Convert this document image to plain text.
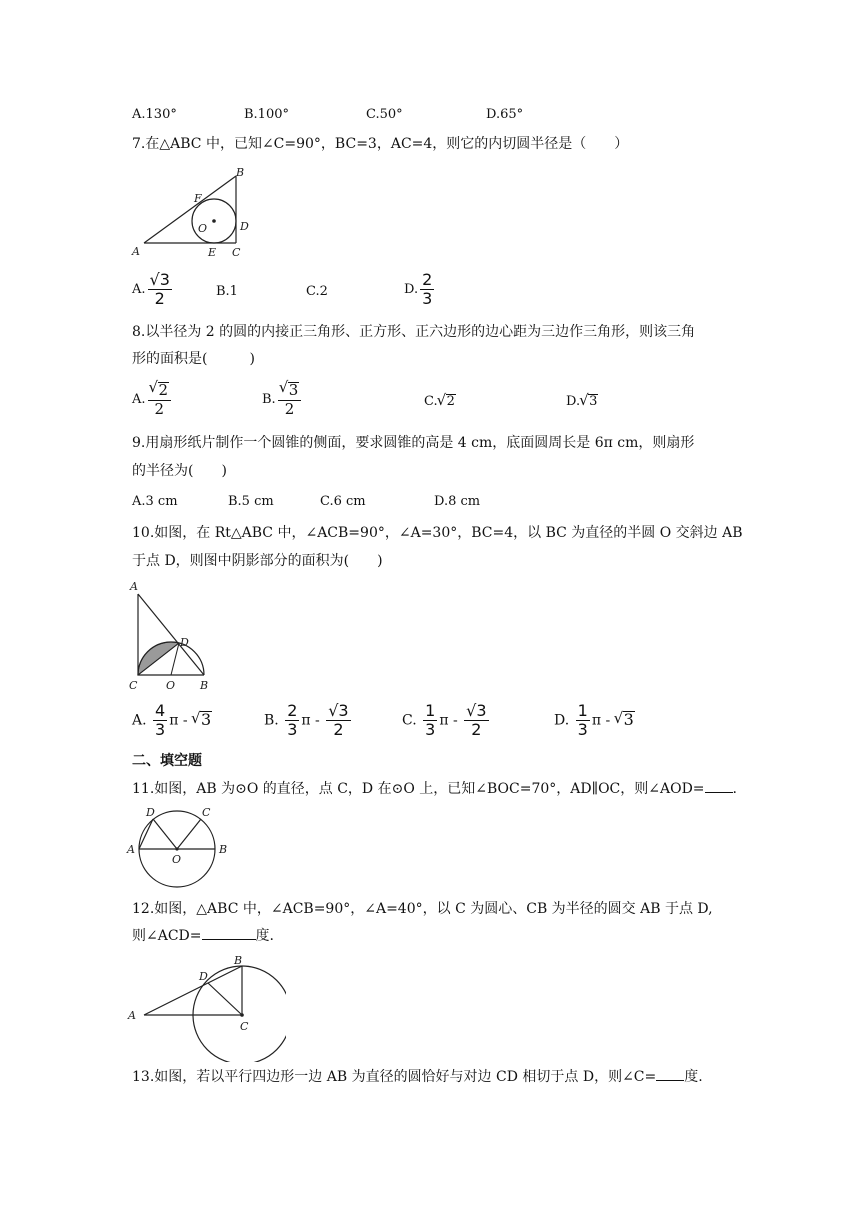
A.130°	B.100°	C.50°	D.65°
7.在△ABC 中，已知∠C=90°，BC=3，AC=4，则它的内切圆半径是（　　）
A
B
C
D
E
F
O
A. $\frac{√3}{2}$	B.1	C.2	D. $\frac{2}{3}$
8.以半径为 2 的圆的内接正三角形、正方形、正六边形的边心距为三边作三角形，则该三角
形的面积是(　　　)
A. √ $\frac{2}{2}$	B. √ $\frac{3}{2}$	C. √ 2	D. √ 3
9.用扇形纸片制作一个圆锥的侧面，要求圆锥的高是 4 cm，底面圆周长是 6π cm，则扇形
的半径为(　　)
A.3 cm	B.5 cm	C.6 cm	D.8 cm
10.如图，在 Rt△ABC 中，∠ACB=90°，∠A=30°，BC=4，以 BC 为直径的半圆 O 交斜边 AB
于点 D，则图中阴影部分的面积为(　　)
A
C	O B
D
A. $\frac{4}{3}$ π - √ 3	B. $\frac{2}{3}$ π - $\frac{√3}{2}$	C. $\frac{1}{3}$ π - $\frac{√3}{2}$	D. $\frac{1}{3}$ π - √ 3
二、填空题
11.如图，AB 为⊙O 的直径，点 C，D 在⊙O 上，已知∠BOC=70°，AD∥OC，则∠AOD= .
A	B
C
D
O
12.如图，△ABC 中，∠ACB=90°，∠A=40°，以 C 为圆心、CB 为半径的圆交 AB 于点 D,
则∠ACD=	度.
A
B
C
D
13.如图，若以平行四边形一边 AB 为直径的圆恰好与对边 CD 相切于点 D，则∠C= 度.
